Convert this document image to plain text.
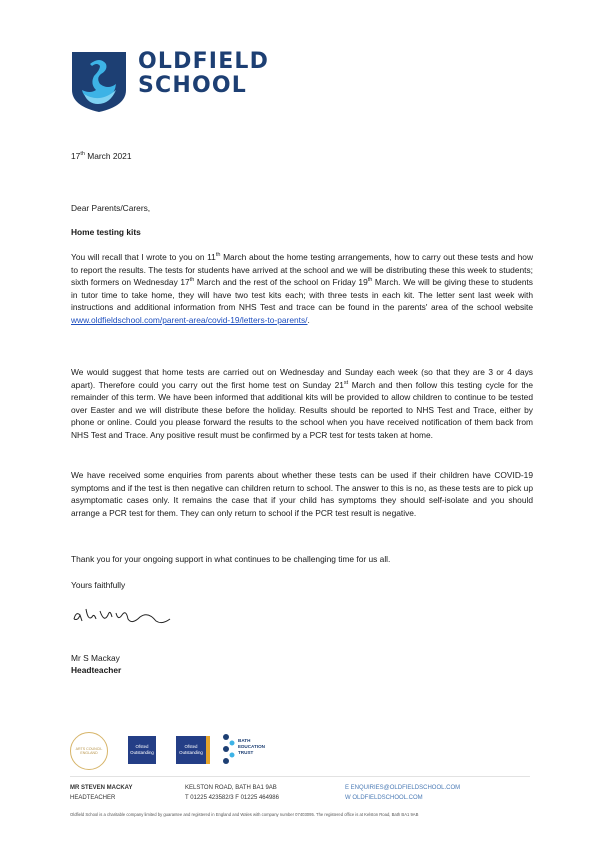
OLDFIELD
SCHOOL
17th March 2021
Dear Parents/Carers,
Home testing kits
You will recall that I wrote to you on 11th March about the home testing arrangements, how to carry out these tests and how to report the results. The tests for students have arrived at the school and we will be distributing these this week to students; sixth formers on Wednesday 17th March and the rest of the school on Friday 19th March. We will be giving these to students in tutor time to take home, they will have two test kits each; with three tests in each kit. The letter sent last week with instructions and additional information from NHS Test and trace can be found in the parents' area of the school website www.oldfieldschool.com/parent-area/covid-19/letters-to-parents/.
We would suggest that home tests are carried out on Wednesday and Sunday each week (so that they are 3 or 4 days apart). Therefore could you carry out the first home test on Sunday 21st March and then follow this testing cycle for the remainder of this term. We have been informed that additional kits will be provided to allow children to continue to be tested over Easter and we will distribute these before the holiday. Results should be reported to NHS Test and Trace, either by phone or online. Could you please forward the results to the school when you have received notification of them back from NHS Test and Trace. Any positive result must be confirmed by a PCR test for tests taken at home.
We have received some enquiries from parents about whether these tests can be used if their children have COVID-19 symptoms and if the test is then negative can children return to school. The answer to this is no, as these tests are to pick up asymptomatic cases only. It remains the case that if your child has symptoms they should self-isolate and you should arrange a PCR test for them. They can only return to school if the PCR test result is negative.
Thank you for your ongoing support in what continues to be challenging time for us all.
Yours faithfully
Mr S Mackay
Headteacher
ARTS COUNCIL ENGLAND
Ofsted Outstanding
Ofsted Outstanding
BATH EDUCATION TRUST
MR STEVEN MACKAY
HEADTEACHER
KELSTON ROAD, BATH BA1 9AB
T 01225 423582/3 F 01225 464986
E ENQUIRIES@OLDFIELDSCHOOL.COM
W OLDFIELDSCHOOL.COM
Oldfield School is a charitable company limited by guarantee and registered in England and Wales with company number 07403095. The registered office is at Kelston Road, Bath BA1 9AB
